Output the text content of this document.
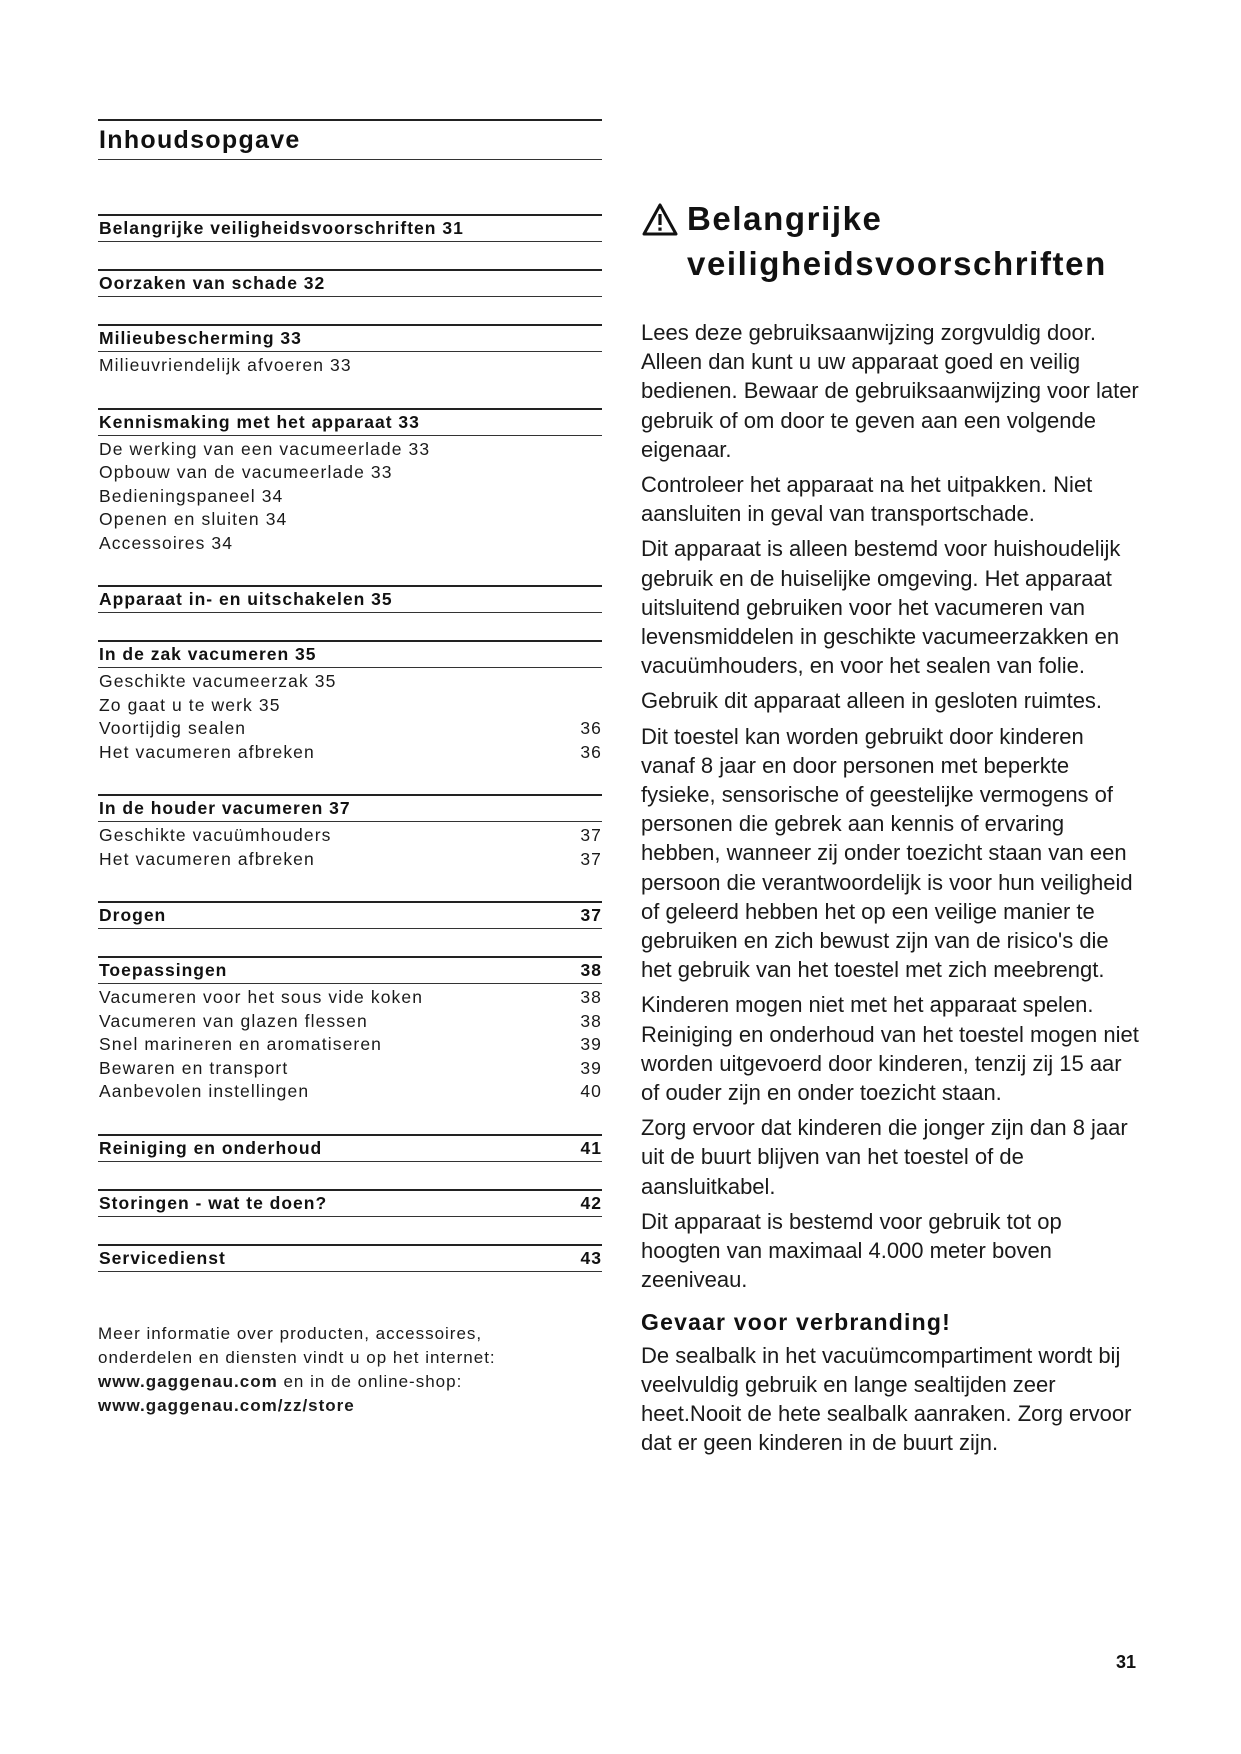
Inhoudsopgave
Belangrijke veiligheidsvoorschriften 31
Oorzaken van schade 32
Milieubescherming 33
Milieuvriendelijk afvoeren 33
Kennismaking met het apparaat 33
De werking van een vacumeerlade 33
Opbouw van de vacumeerlade 33
Bedieningspaneel 34
Openen en sluiten 34
Accessoires 34
Apparaat in- en uitschakelen 35
In de zak vacumeren 35
Geschikte vacumeerzak 35
Zo gaat u te werk 35
Voortijdig sealen	36
Het vacumeren afbreken	36
In de houder vacumeren 37
Geschikte vacuümhouders	37
Het vacumeren afbreken	37
Drogen	37
Toepassingen	38
Vacumeren voor het sous vide koken	38
Vacumeren van glazen flessen	38
Snel marineren en aromatiseren	39
Bewaren en transport	39
Aanbevolen instellingen	40
Reiniging en onderhoud	41
Storingen - wat te doen?	42
Servicedienst	43
Meer informatie over producten, accessoires,
onderdelen en diensten vindt u op het internet:
www.gaggenau.com en in de online-shop:
www.gaggenau.com/zz/store
Belangrijke
veiligheidsvoorschriften

Lees deze gebruiksaanwijzing zorgvuldig door. Alleen dan kunt u uw apparaat goed en veilig bedienen. Bewaar de gebruiksaanwijzing voor later gebruik of om door te geven aan een volgende eigenaar.

Controleer het apparaat na het uitpakken. Niet aansluiten in geval van transportschade.

Dit apparaat is alleen bestemd voor huishoudelijk gebruik en de huiselijke omgeving. Het apparaat uitsluitend gebruiken voor het vacumeren van levensmiddelen in geschikte vacumeerzakken en vacuümhouders, en voor het sealen van folie.

Gebruik dit apparaat alleen in gesloten ruimtes.

Dit toestel kan worden gebruikt door kinderen vanaf 8 jaar en door personen met beperkte fysieke, sensorische of geestelijke vermogens of personen die gebrek aan kennis of ervaring hebben, wanneer zij onder toezicht staan van een persoon die verantwoordelijk is voor hun veiligheid of geleerd hebben het op een veilige manier te gebruiken en zich bewust zijn van de risico's die het gebruik van het toestel met zich meebrengt.

Kinderen mogen niet met het apparaat spelen. Reiniging en onderhoud van het toestel mogen niet worden uitgevoerd door kinderen, tenzij zij 15 aar of ouder zijn en onder toezicht staan.

Zorg ervoor dat kinderen die jonger zijn dan 8 jaar uit de buurt blijven van het toestel of de aansluitkabel.

Dit apparaat is bestemd voor gebruik tot op hoogten van maximaal 4.000 meter boven zeeniveau.

Gevaar voor verbranding!

De sealbalk in het vacuümcompartiment wordt bij veelvuldig gebruik en lange sealtijden zeer heet.Nooit de hete sealbalk aanraken. Zorg ervoor dat er geen kinderen in de buurt zijn.

31
